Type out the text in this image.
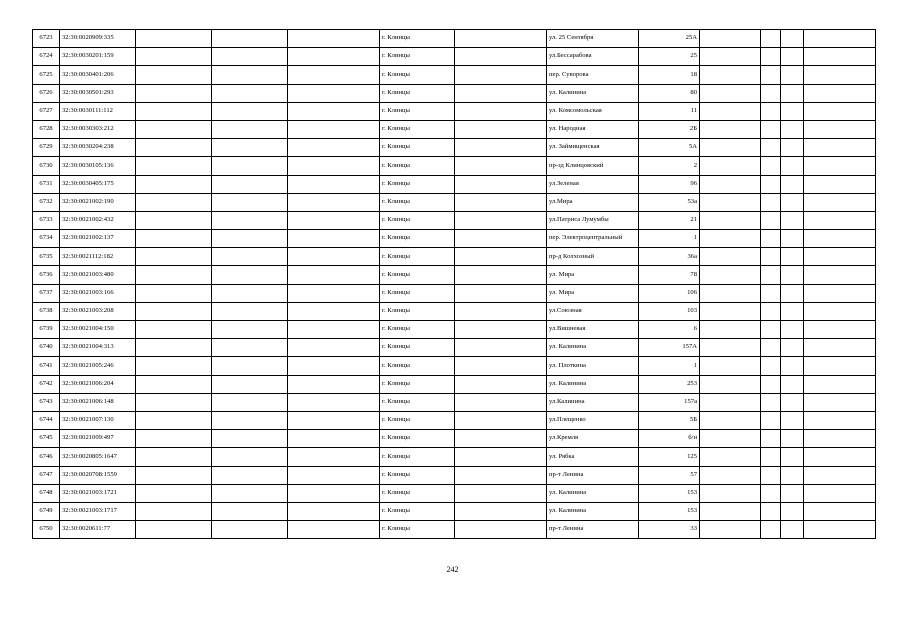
6723	32:30:0020909:335				г. Клинцы		ул. 25 Сентября	25А				
6724	32:30:0030201:159				г. Клинцы		ул.Бессарабова	25				
6725	32:30:0030401:206				г. Клинцы		пер. Суворова	18				
6726	32:30:0030501:293				г. Клинцы		ул. Калинина	80				
6727	32:30:0030111:112				г. Клинцы		ул. Комсомольская	11				
6728	32:30:0030303:212				г. Клинцы		ул. Народная	2Б				
6729	32:30:0030204:238				г. Клинцы		ул. Займищенская	5А				
6730	32:30:0030105:136				г. Клинцы		пр-зд Клинцовский	2				
6731	32:30:0030405:175				г. Клинцы		ул.Зеленая	96				
6732	32:30:0021002:190				г. Клинцы		ул.Мира	53а				
6733	32:30:0021002:432				г. Клинцы		ул.Патриса Лумумбы	21				
6734	32:30:0021002:137				г. Клинцы		пер. Электроцентральный	1				
6735	32:30:0021112:182				г. Клинцы		пр-д Колхозный	36а				
6736	32:30:0021003:480				г. Клинцы		ул. Мира	78				
6737	32:30:0021003:166				г. Клинцы		ул. Мира	106				
6738	32:30:0021003:208				г. Клинцы		ул.Союзная	103				
6739	32:30:0021004:150				г. Клинцы		ул.Вишневая	6				
6740	32:30:0021004:313				г. Клинцы		ул. Калинина	157А				
6741	32:30:0021005:246				г. Клинцы		ул. Плоткина	1				
6742	32:30:0021006:204				г. Клинцы		ул. Калинина	253				
6743	32:30:0021006:148				г. Клинцы		ул.Калинина	157а				
6744	32:30:0021007:130				г. Клинцы		ул.Плещенко	5Б				
6745	32:30:0021009:497				г. Клинцы		ул.Кремля	б/н				
6746	32:30:0020805:1647				г. Клинцы		ул. Рябка	125				
6747	32:30:0020708:1559				г. Клинцы		пр-т Ленина	57				
6748	32:30:0021003:1721				г. Клинцы		ул. Калинина	153				
6749	32:30:0021003:1717				г. Клинцы		ул. Калинина	153				
6750	32:30:0020611:77				г. Клинцы		пр-т Ленина	33				
242
